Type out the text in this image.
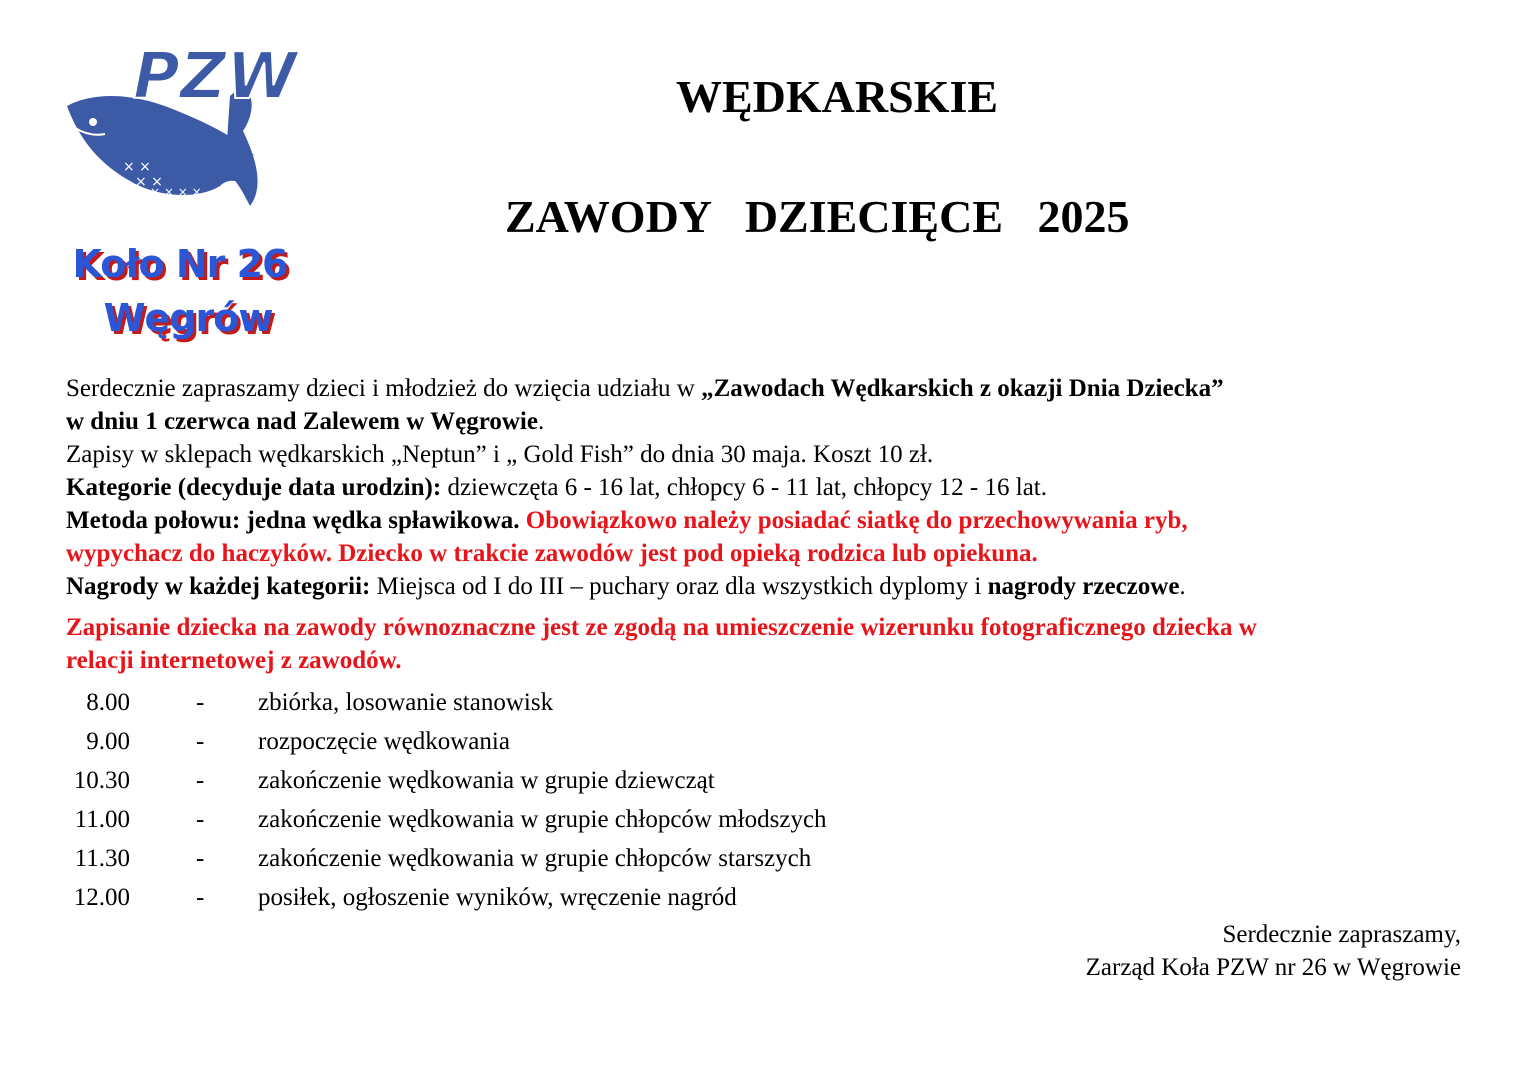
× ×
× ×
× × × ×
PZW
Koło Nr 26
Węgrów
WĘDKARSKIE
ZAWODY   DZIECIĘCE   2025
Serdecznie zapraszamy dzieci i młodzież do wzięcia udziału w „Zawodach Wędkarskich z okazji Dnia Dziecka”
w dniu 1 czerwca nad Zalewem w Węgrowie.
Zapisy w sklepach wędkarskich „Neptun” i „ Gold Fish” do dnia 30 maja. Koszt 10 zł.
Kategorie (decyduje data urodzin): dziewczęta 6 - 16 lat, chłopcy 6 - 11 lat, chłopcy 12 - 16 lat.
Metoda połowu: jedna wędka spławikowa. Obowiązkowo należy posiadać siatkę do przechowywania ryb,
wypychacz do haczyków. Dziecko w trakcie zawodów jest pod opieką rodzica lub opiekuna.
Nagrody w każdej kategorii: Miejsca od I do III – puchary oraz dla wszystkich dyplomy i nagrody rzeczowe.
Zapisanie dziecka na zawody równoznaczne jest ze zgodą na umieszczenie wizerunku fotograficznego dziecka w
relacji internetowej z zawodów.
8.00	- zbiórka, losowanie stanowisk
9.00	- rozpoczęcie wędkowania
10.30	- zakończenie wędkowania w grupie dziewcząt
11.00	- zakończenie wędkowania w grupie chłopców młodszych
11.30	- zakończenie wędkowania w grupie chłopców starszych
12.00	- posiłek, ogłoszenie wyników, wręczenie nagród
Serdecznie zapraszamy,
Zarząd Koła PZW nr 26 w Węgrowie
